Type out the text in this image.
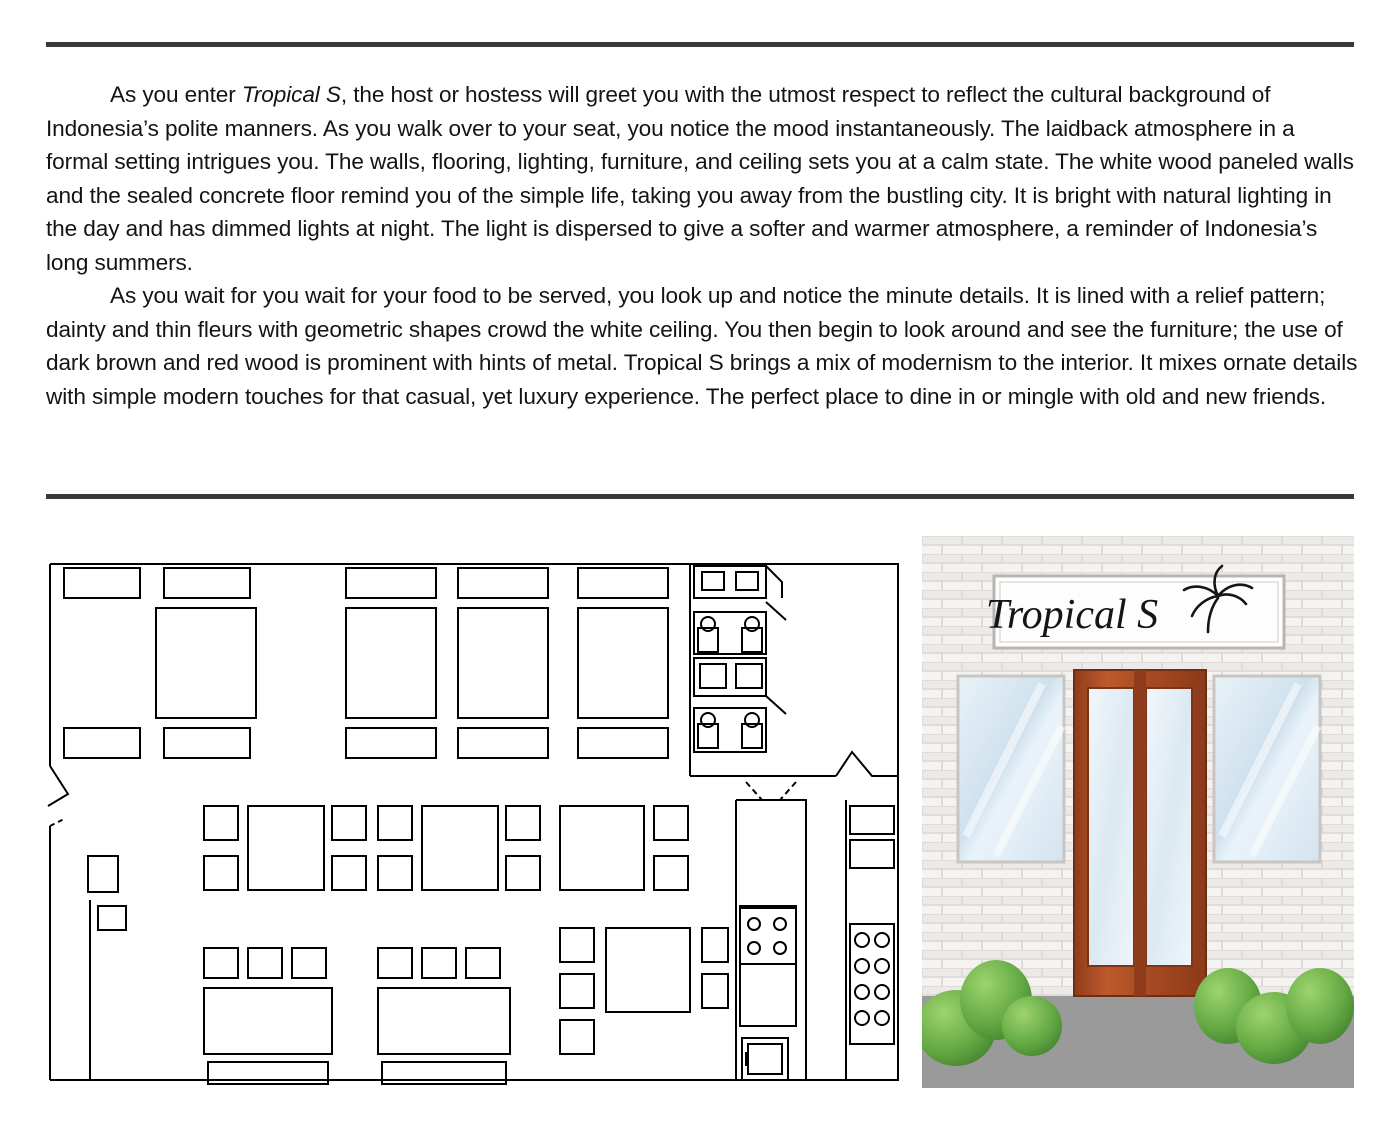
As you enter Tropical S, the host or hostess will greet you with the utmost respect to reflect the cultural background of Indonesia’s polite manners. As you walk over to your seat, you notice the mood instantaneously. The laidback atmosphere in a formal setting intrigues you. The walls, flooring, lighting, furniture, and ceiling sets you at a calm state. The white wood paneled walls and the sealed concrete floor remind you of the simple life, taking you away from the bustling city. It is bright with natural lighting in the day and has dimmed lights at night. The light is dispersed to give a softer and warmer atmosphere, a reminder of Indonesia’s long summers.

As you wait for you wait for your food to be served, you look up and notice the minute details. It is lined with a relief pattern; dainty and thin fleurs with geometric shapes crowd the white ceiling. You then begin to look around and see the furniture; the use of dark brown and red wood is prominent with hints of metal. Tropical S brings a mix of modernism to the interior. It mixes ornate details with simple modern touches for that casual, yet luxury experience. The perfect place to dine in or mingle with old and new friends.

Tropical S
